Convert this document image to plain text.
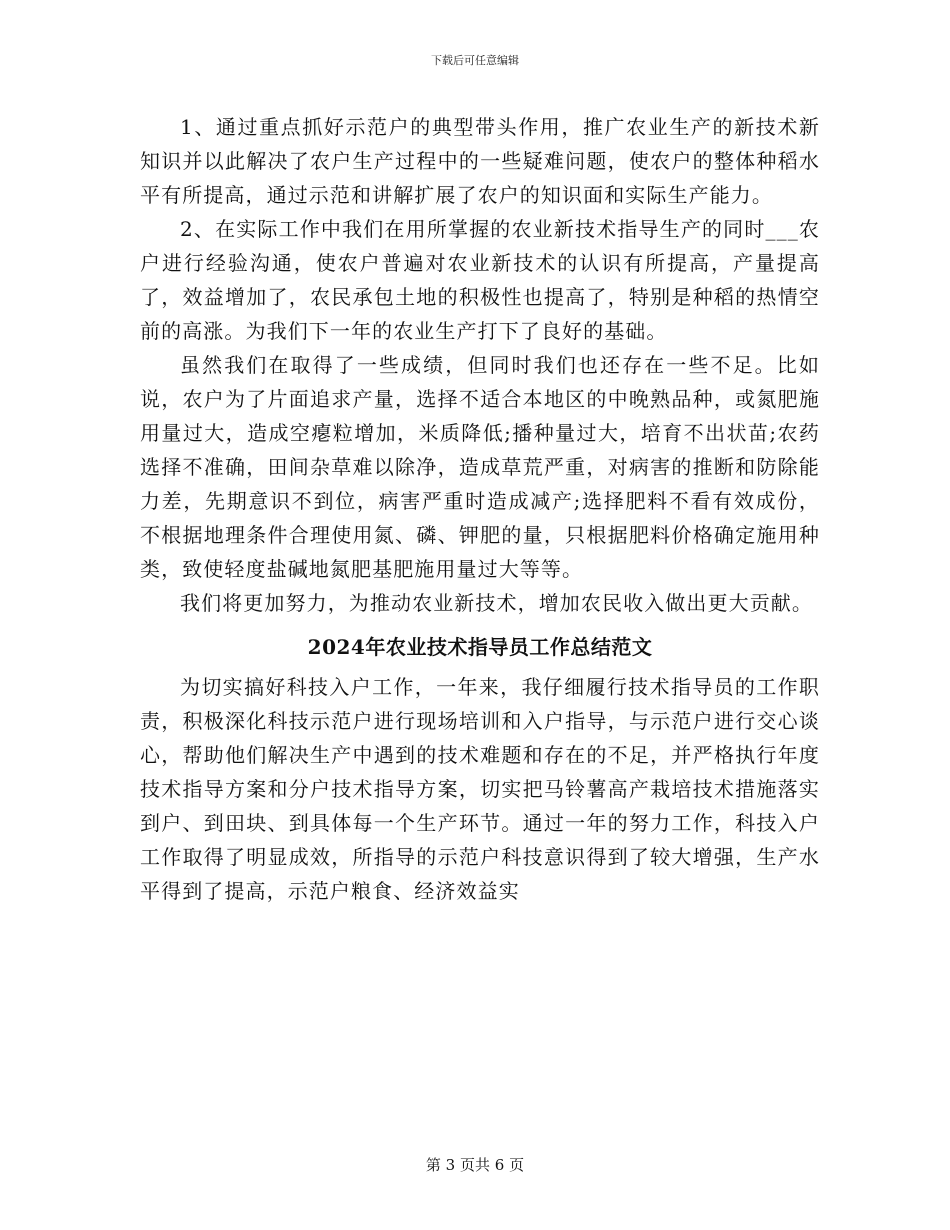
下载后可任意编辑

1、通过重点抓好示范户的典型带头作用，推广农业生产的新技术新知识并以此解决了农户生产过程中的一些疑难问题，使农户的整体种稻水平有所提高，通过示范和讲解扩展了农户的知识面和实际生产能力。

2、在实际工作中我们在用所掌握的农业新技术指导生产的同时___农户进行经验沟通，使农户普遍对农业新技术的认识有所提高，产量提高了，效益增加了，农民承包土地的积极性也提高了，特别是种稻的热情空前的高涨。为我们下一年的农业生产打下了良好的基础。

虽然我们在取得了一些成绩，但同时我们也还存在一些不足。比如说，农户为了片面追求产量，选择不适合本地区的中晚熟品种，或氮肥施用量过大，造成空瘪粒增加，米质降低;播种量过大，培育不出状苗;农药选择不准确，田间杂草难以除净，造成草荒严重，对病害的推断和防除能力差，先期意识不到位，病害严重时造成减产;选择肥料不看有效成份，不根据地理条件合理使用氮、磷、钾肥的量，只根据肥料价格确定施用种类，致使轻度盐碱地氮肥基肥施用量过大等等。

我们将更加努力，为推动农业新技术，增加农民收入做出更大贡献。

2024年农业技术指导员工作总结范文

为切实搞好科技入户工作，一年来，我仔细履行技术指导员的工作职责，积极深化科技示范户进行现场培训和入户指导，与示范户进行交心谈心，帮助他们解决生产中遇到的技术难题和存在的不足，并严格执行年度技术指导方案和分户技术指导方案，切实把马铃薯高产栽培技术措施落实到户、到田块、到具体每一个生产环节。通过一年的努力工作，科技入户工作取得了明显成效，所指导的示范户科技意识得到了较大增强，生产水平得到了提高，示范户粮食、经济效益实

第 3 页共 6 页
